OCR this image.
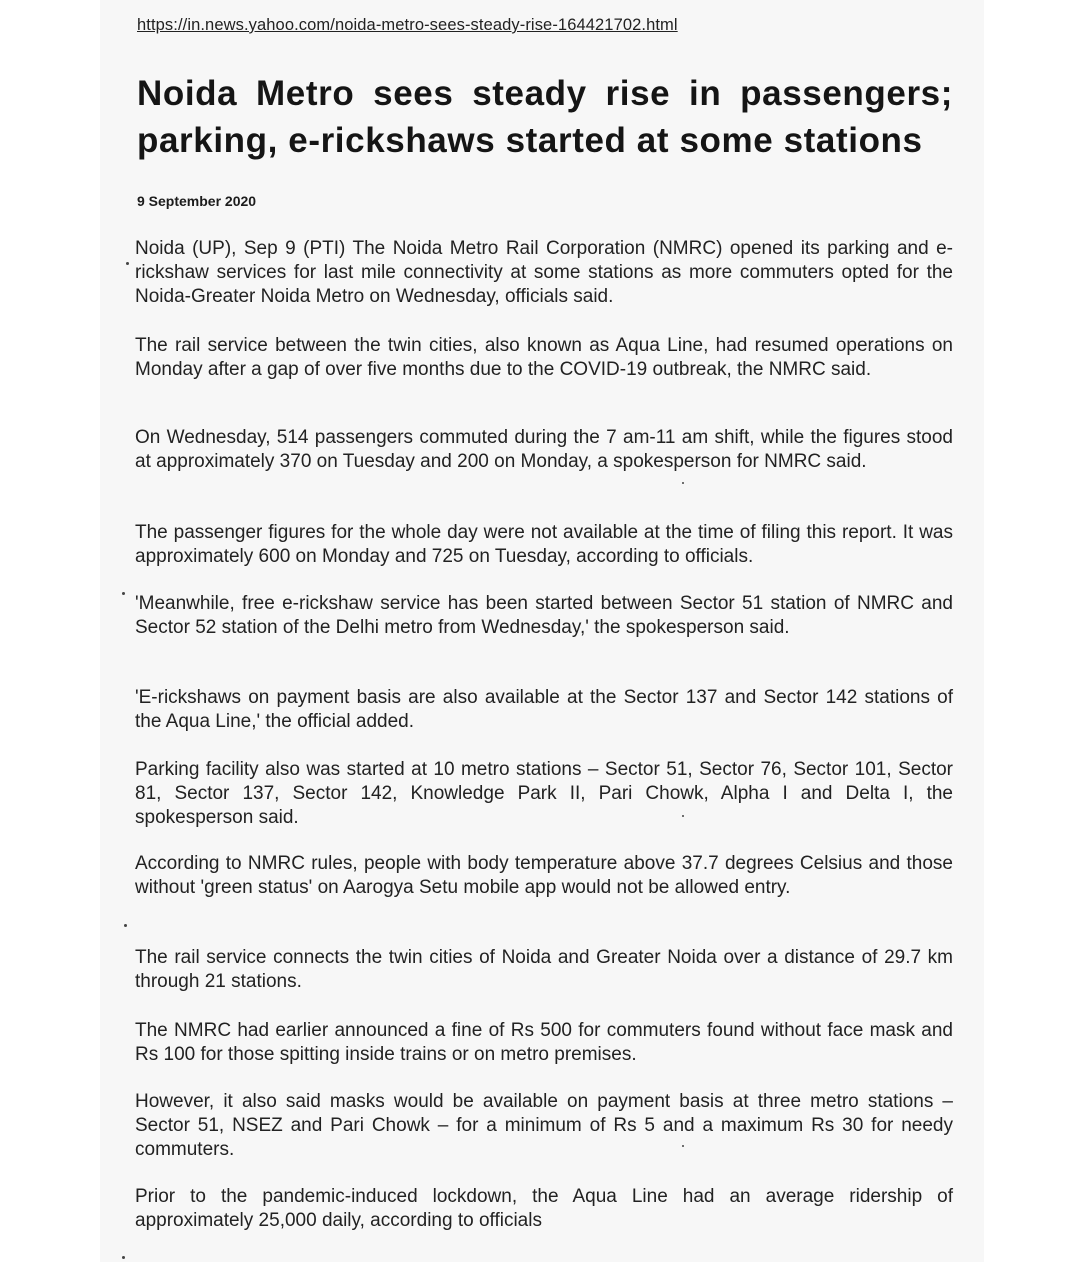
https://in.news.yahoo.com/noida-metro-sees-steady-rise-164421702.html
Noida Metro sees steady rise in passengers; parking, e-rickshaws started at some stations
9 September 2020

Noida (UP), Sep 9 (PTI) The Noida Metro Rail Corporation (NMRC) opened its parking and e-rickshaw services for last mile connectivity at some stations as more commuters opted for the Noida-Greater Noida Metro on Wednesday, officials said.

The rail service between the twin cities, also known as Aqua Line, had resumed operations on Monday after a gap of over five months due to the COVID-19 outbreak, the NMRC said.

On Wednesday, 514 passengers commuted during the 7 am-11 am shift, while the figures stood at approximately 370 on Tuesday and 200 on Monday, a spokesperson for NMRC said.

The passenger figures for the whole day were not available at the time of filing this report. It was approximately 600 on Monday and 725 on Tuesday, according to officials.

'Meanwhile, free e-rickshaw service has been started between Sector 51 station of NMRC and Sector 52 station of the Delhi metro from Wednesday,' the spokesperson said.

'E-rickshaws on payment basis are also available at the Sector 137 and Sector 142 stations of the Aqua Line,' the official added.

Parking facility also was started at 10 metro stations – Sector 51, Sector 76, Sector 101, Sector 81, Sector 137, Sector 142, Knowledge Park II, Pari Chowk, Alpha I and Delta I, the spokesperson said.

According to NMRC rules, people with body temperature above 37.7 degrees Celsius and those without 'green status' on Aarogya Setu mobile app would not be allowed entry.

The rail service connects the twin cities of Noida and Greater Noida over a distance of 29.7 km through 21 stations.

The NMRC had earlier announced a fine of Rs 500 for commuters found without face mask and Rs 100 for those spitting inside trains or on metro premises.

However, it also said masks would be available on payment basis at three metro stations – Sector 51, NSEZ and Pari Chowk – for a minimum of Rs 5 and a maximum Rs 30 for needy commuters.

Prior to the pandemic-induced lockdown, the Aqua Line had an average ridership of approximately 25,000 daily, according to officials
